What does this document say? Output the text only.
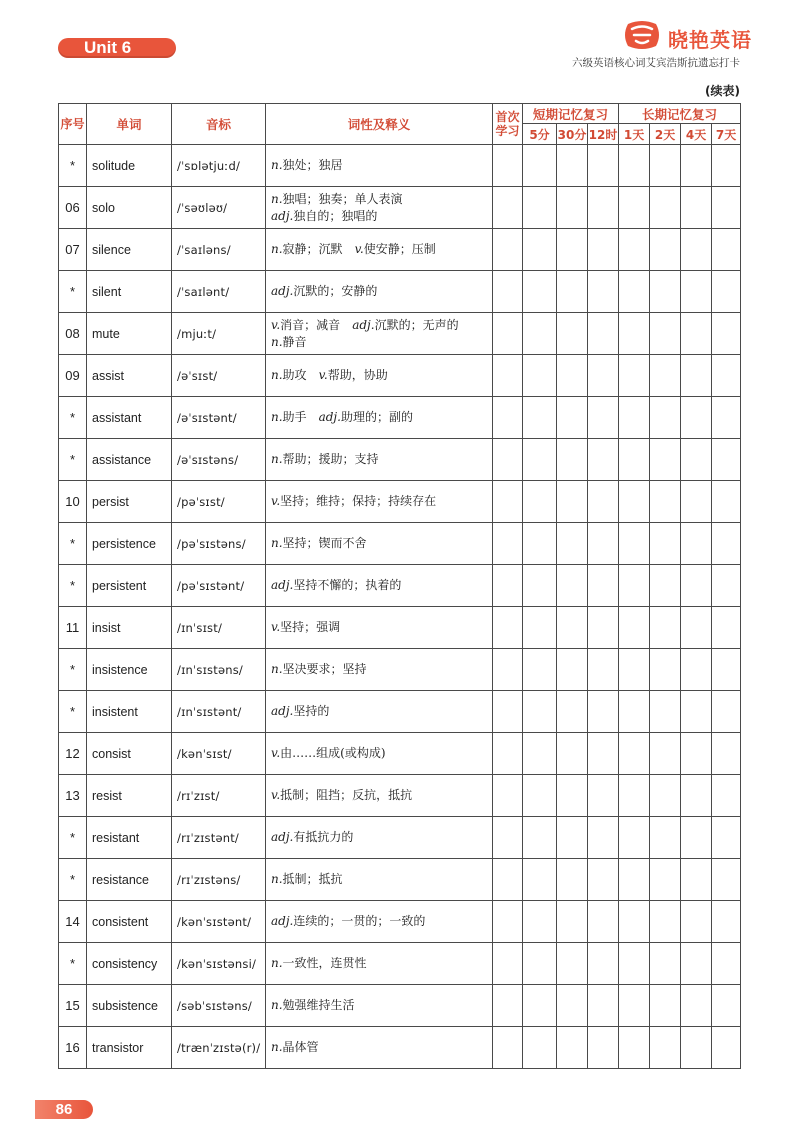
Unit 6	晓艳英语
六级英语核心词艾宾浩斯抗遗忘打卡
(续表)
序号	单词	音标	词性及释义	首次学习	短期记忆复习			长期记忆复习			
					5分	30分	12时	1天	2天	4天	7天
*	solitude	/ˈsɒlətjuːd/	n.独处；独居								
06	solo	/ˈsəʊləʊ/	n.独唱；独奏；单人表演
adj.独自的；独唱的								
07	silence	/ˈsaɪləns/	n.寂静；沉默　v.使安静；压制								
*	silent	/ˈsaɪlənt/	adj.沉默的；安静的								
08	mute	/mjuːt/	v.消音；减音　adj.沉默的；无声的
n.静音								
09	assist	/əˈsɪst/	n.助攻　v.帮助，协助								
*	assistant	/əˈsɪstənt/	n.助手　adj.助理的；副的								
*	assistance	/əˈsɪstəns/	n.帮助；援助；支持								
10	persist	/pəˈsɪst/	v.坚持；维持；保持；持续存在								
*	persistence	/pəˈsɪstəns/	n.坚持；锲而不舍								
*	persistent	/pəˈsɪstənt/	adj.坚持不懈的；执着的								
11	insist	/ɪnˈsɪst/	v.坚持；强调								
*	insistence	/ɪnˈsɪstəns/	n.坚决要求；坚持								
*	insistent	/ɪnˈsɪstənt/	adj.坚持的								
12	consist	/kənˈsɪst/	v.由……组成(或构成)								
13	resist	/rɪˈzɪst/	v.抵制；阻挡；反抗，抵抗								
*	resistant	/rɪˈzɪstənt/	adj.有抵抗力的								
*	resistance	/rɪˈzɪstəns/	n.抵制；抵抗								
14	consistent	/kənˈsɪstənt/	adj.连续的；一贯的；一致的								
*	consistency	/kənˈsɪstənsi/	n.一致性，连贯性								
15	subsistence	/səbˈsɪstəns/	n.勉强维持生活								
16	transistor	/trænˈzɪstə(r)/	n.晶体管								
86
